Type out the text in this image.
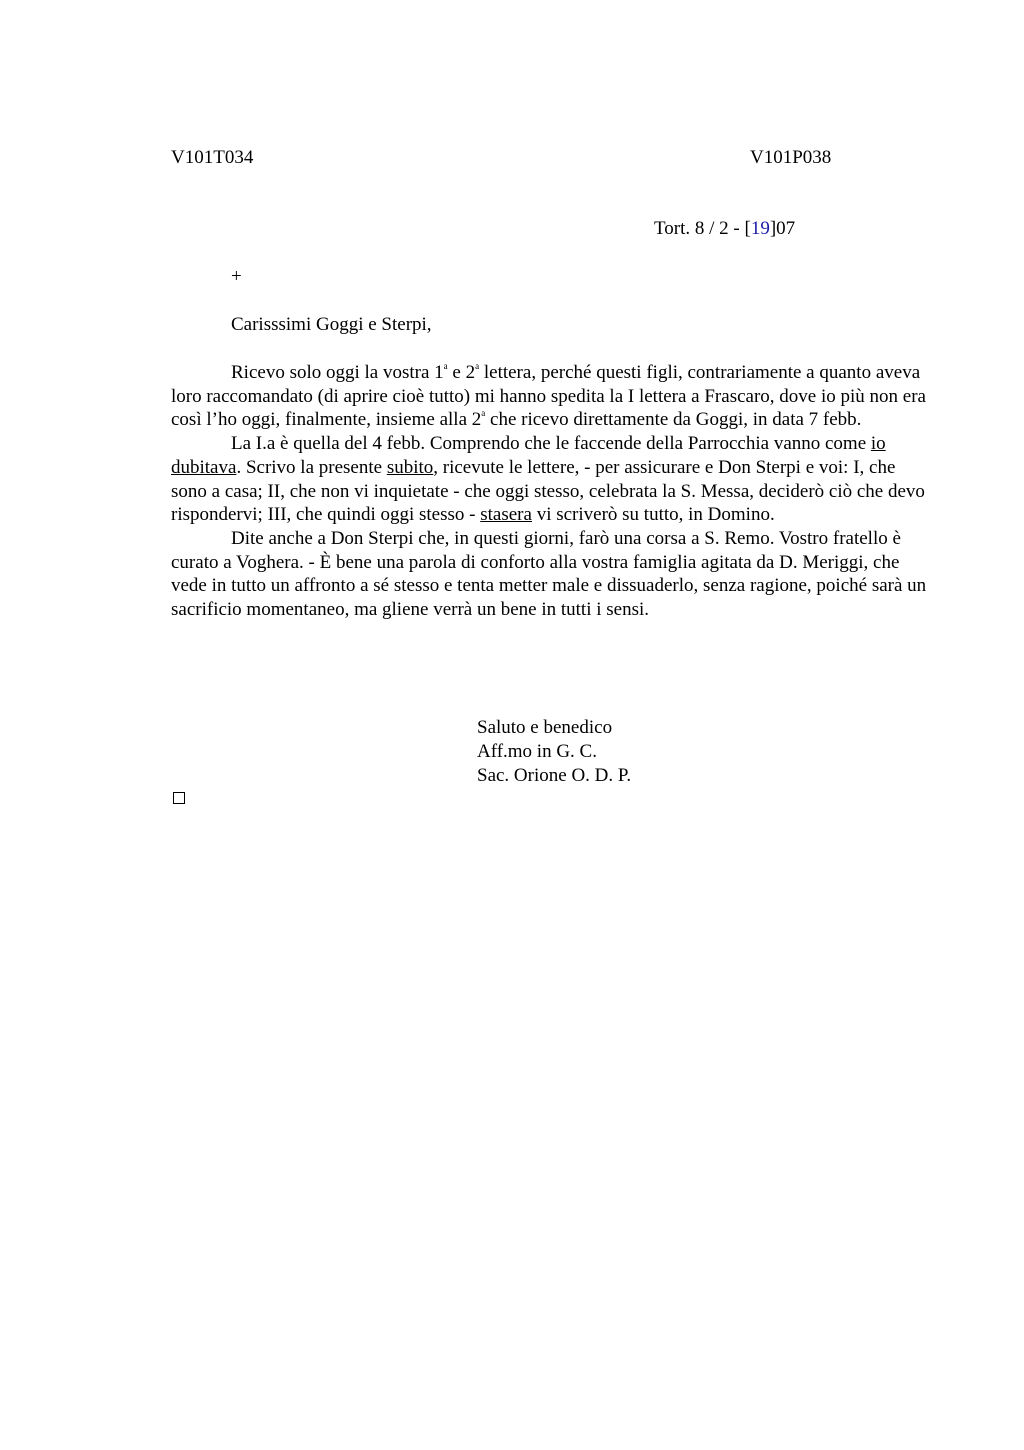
V101T034	V101P038
Tort. 8 / 2 - [19]07
+
Carisssimi Goggi e Sterpi,

Ricevo solo oggi la vostra 1$^a$ e 2$^a$ lettera, perché questi figli, contrariamente a quanto aveva loro raccomandato (di aprire cioè tutto) mi hanno spedita la I lettera a Frascaro, dove io più non era così l’ho oggi, finalmente, insieme alla 2$^a$ che ricevo direttamente da Goggi, in data 7 febb.

La I.a è quella del 4 febb. Comprendo che le faccende della Parrocchia vanno come io dubitava. Scrivo la presente subito, ricevute le lettere, - per assicurare e Don Sterpi e voi: I, che sono a casa; II, che non vi inquietate - che oggi stesso, celebrata la S. Messa, deciderò ciò che devo rispondervi; III, che quindi oggi stesso - stasera vi scriverò su tutto, in Domino.

Dite anche a Don Sterpi che, in questi giorni, farò una corsa a S. Remo. Vostro fratello è curato a Voghera. - È bene una parola di conforto alla vostra famiglia agitata da D. Meriggi, che vede in tutto un affronto a sé stesso e tenta metter male e dissuaderlo, senza ragione, poiché sarà un sacrificio momentaneo, ma gliene verrà un bene in tutti i sensi.

Saluto e benedico
Aff.mo in G. C.
Sac. Orione O. D. P.
